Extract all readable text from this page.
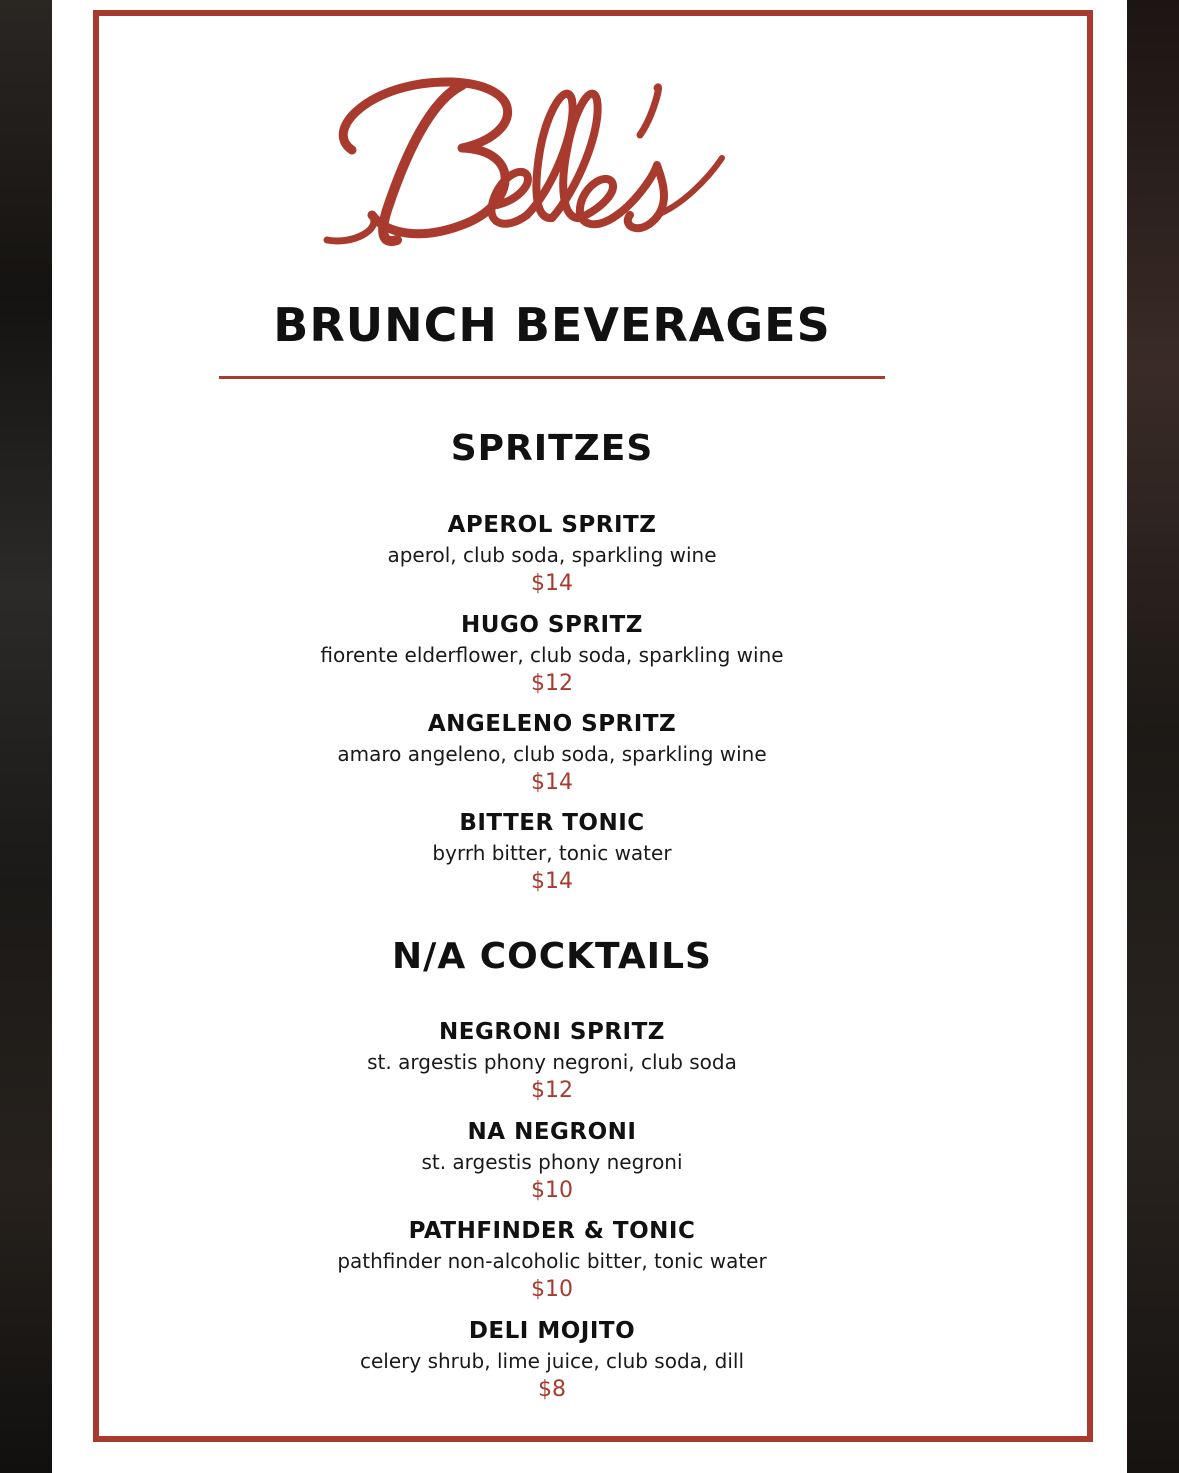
BRUNCH BEVERAGES
SPRITZES
APEROL SPRITZ
aperol, club soda, sparkling wine
$14
HUGO SPRITZ
fiorente elderflower, club soda, sparkling wine
$12
ANGELENO SPRITZ
amaro angeleno, club soda, sparkling wine
$14
BITTER TONIC
byrrh bitter, tonic water
$14
N/A COCKTAILS
NEGRONI SPRITZ
st. argestis phony negroni, club soda
$12
NA NEGRONI
st. argestis phony negroni
$10
PATHFINDER & TONIC
pathfinder non-alcoholic bitter, tonic water
$10
DELI MOJITO
celery shrub, lime juice, club soda, dill
$8
